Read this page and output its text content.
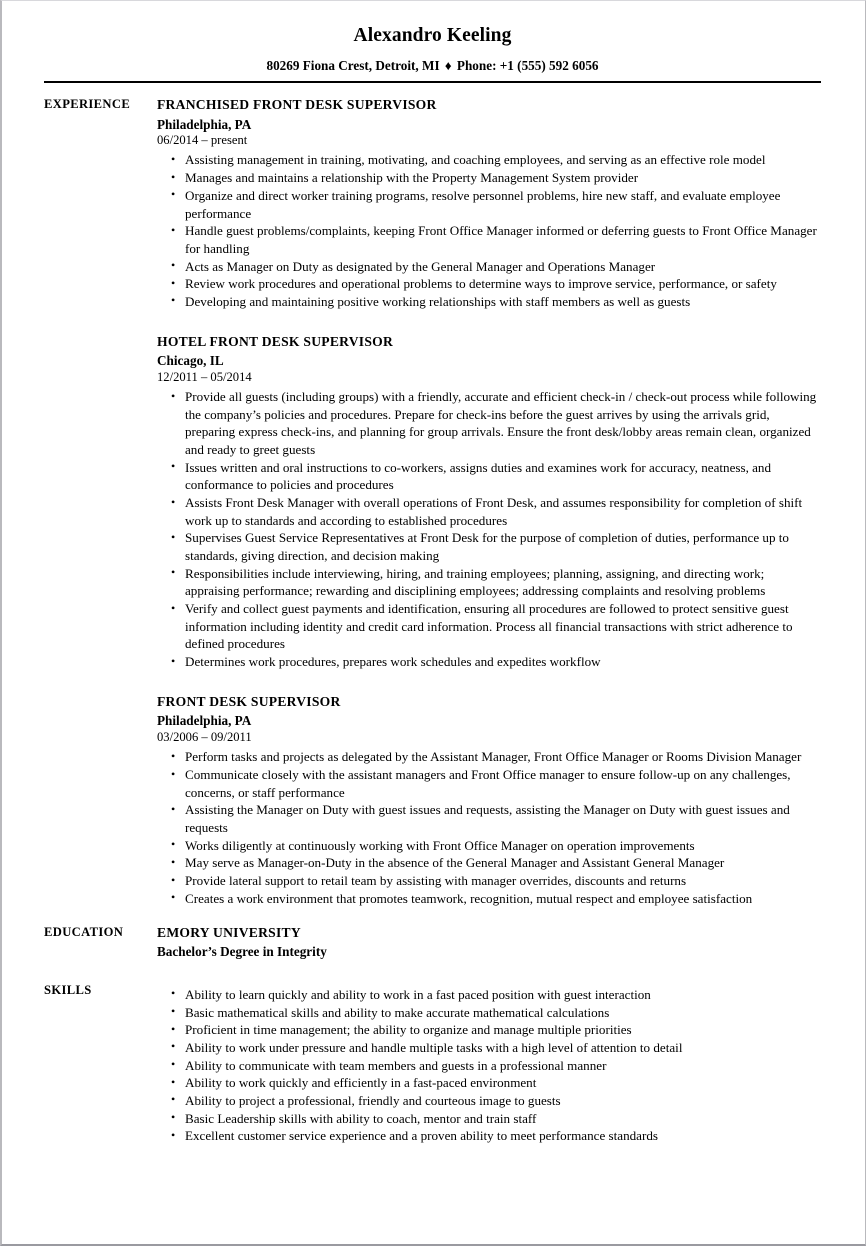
Alexandro Keeling
80269 Fiona Crest, Detroit, MI ♦ Phone: +1 (555) 592 6056
EXPERIENCE	FRANCHISED FRONT DESK SUPERVISOR
Philadelphia, PA
06/2014 – present
• Assisting management in training, motivating, and coaching employees, and serving as an effective role model
• Manages and maintains a relationship with the Property Management System provider
• Organize and direct worker training programs, resolve personnel problems, hire new staff, and evaluate employee performance
• Handle guest problems/complaints, keeping Front Office Manager informed or deferring guests to Front Office Manager for handling
• Acts as Manager on Duty as designated by the General Manager and Operations Manager
• Review work procedures and operational problems to determine ways to improve service, performance, or safety
• Developing and maintaining positive working relationships with staff members as well as guests
HOTEL FRONT DESK SUPERVISOR
Chicago, IL
12/2011 – 05/2014
• Provide all guests (including groups) with a friendly, accurate and efficient check-in / check-out process while following the company’s policies and procedures. Prepare for check-ins before the guest arrives by using the arrivals grid, preparing express check-ins, and planning for group arrivals. Ensure the front desk/lobby areas remain clean, organized and ready to greet guests
• Issues written and oral instructions to co-workers, assigns duties and examines work for accuracy, neatness, and conformance to policies and procedures
• Assists Front Desk Manager with overall operations of Front Desk, and assumes responsibility for completion of shift work up to standards and according to established procedures
• Supervises Guest Service Representatives at Front Desk for the purpose of completion of duties, performance up to standards, giving direction, and decision making
• Responsibilities include interviewing, hiring, and training employees; planning, assigning, and directing work; appraising performance; rewarding and disciplining employees; addressing complaints and resolving problems
• Verify and collect guest payments and identification, ensuring all procedures are followed to protect sensitive guest information including identity and credit card information. Process all financial transactions with strict adherence to defined procedures
• Determines work procedures, prepares work schedules and expedites workflow
FRONT DESK SUPERVISOR
Philadelphia, PA
03/2006 – 09/2011
• Perform tasks and projects as delegated by the Assistant Manager, Front Office Manager or Rooms Division Manager
• Communicate closely with the assistant managers and Front Office manager to ensure follow-up on any challenges, concerns, or staff performance
• Assisting the Manager on Duty with guest issues and requests, assisting the Manager on Duty with guest issues and requests
• Works diligently at continuously working with Front Office Manager on operation improvements
• May serve as Manager-on-Duty in the absence of the General Manager and Assistant General Manager
• Provide lateral support to retail team by assisting with manager overrides, discounts and returns
• Creates a work environment that promotes teamwork, recognition, mutual respect and employee satisfaction
EDUCATION	EMORY UNIVERSITY
Bachelor’s Degree in Integrity
SKILLS	• Ability to learn quickly and ability to work in a fast paced position with guest interaction
• Basic mathematical skills and ability to make accurate mathematical calculations
• Proficient in time management; the ability to organize and manage multiple priorities
• Ability to work under pressure and handle multiple tasks with a high level of attention to detail
• Ability to communicate with team members and guests in a professional manner
• Ability to work quickly and efficiently in a fast-paced environment
• Ability to project a professional, friendly and courteous image to guests
• Basic Leadership skills with ability to coach, mentor and train staff
• Excellent customer service experience and a proven ability to meet performance standards
